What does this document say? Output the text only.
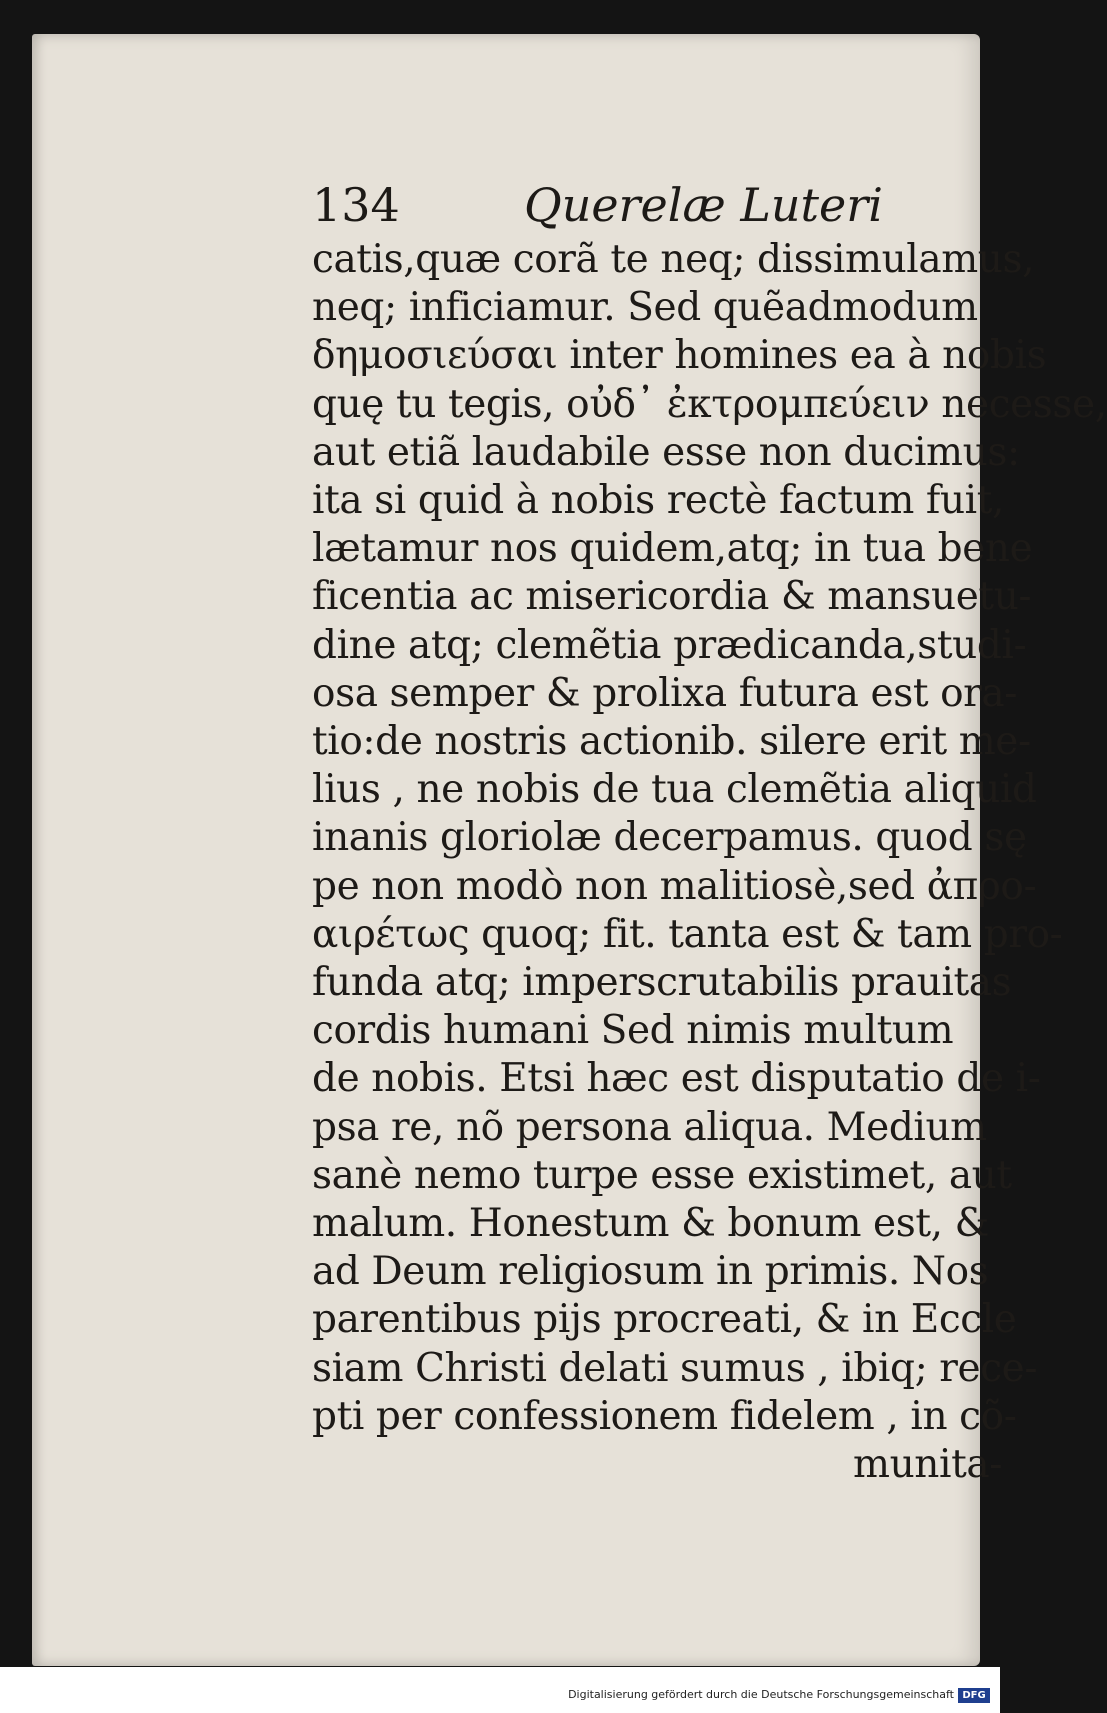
134	Querelæ Luteri
catis,quæ corã te neq; dissimulamus,
neq; inficiamur. Sed quẽadmodum
δημοσιεύσαι inter homines ea à nobis
quę tu tegis, οὐδ᾽ ἐκτρομπεύειν necesse,
aut etiã laudabile esse non ducimus:
ita si quid à nobis rectè factum fuit,
lætamur nos quidem,atq; in tua bene
ficentia ac misericordia & mansuetu-
dine atq; clemẽtia prædicanda,studi-
osa semper & prolixa futura est ora-
tio:de nostris actionib. silere erit me-
lius , ne nobis de tua clemẽtia aliquid
inanis gloriolæ decerpamus. quod sę
pe non modò non malitiosè,sed ἀπρο-
αιρέτως quoq; fit. tanta est & tam pro-
funda atq; imperscrutabilis prauitas
cordis humani Sed nimis multum
de nobis. Etsi hæc est disputatio de i-
psa re, nõ persona aliqua. Medium
sanè nemo turpe esse existimet, aut
malum. Honestum & bonum est, &
ad Deum religiosum in primis. Nos
parentibus pijs procreati, & in Eccle
siam Christi delati sumus , ibiq; rece-
pti per confessionem fidelem , in cõ-
munita-
Digitalisierung gefördert durch die Deutsche Forschungsgemeinschaft DFG
